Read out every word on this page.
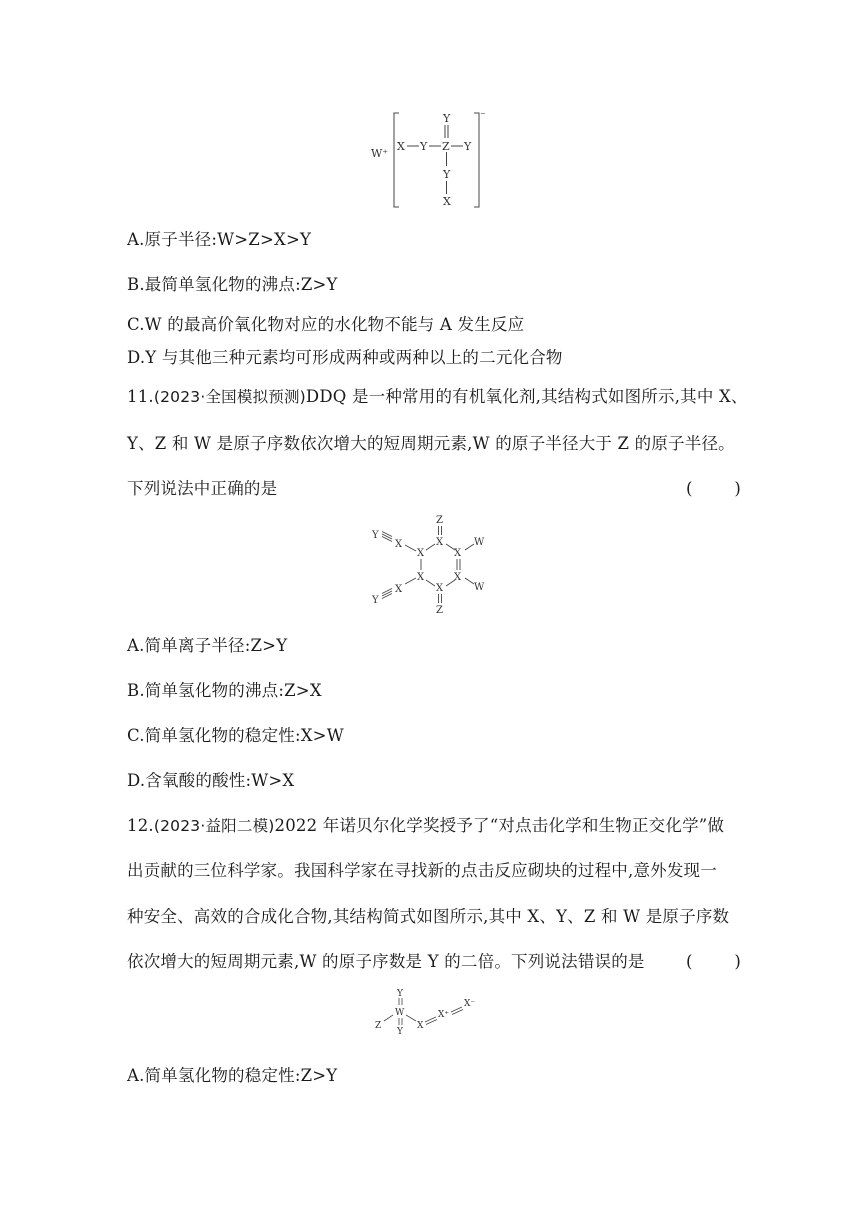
W⁺
⁻
X Y Z Y
Y
Y
X
A.原子半径:W>Z>X>Y
B.最简单氢化物的沸点:Z>Y
C.W 的最高价氧化物对应的水化物不能与 A 发生反应
D.Y 与其他三种元素均可形成两种或两种以上的二元化合物
11.(2023·全国模拟预测)DDQ 是一种常用的有机氧化剂,其结构式如图所示,其中 X、
Y、Z 和 W 是原子序数依次增大的短周期元素,W 的原子半径大于 Z 的原子半径。
下列说法中正确的是	(　　)
Z
X
X	X
X	X
X
Z
Y
X
Y
X
W
W
A.简单离子半径:Z>Y
B.简单氢化物的沸点:Z>X
C.简单氢化物的稳定性:X>W
D.含氧酸的酸性:W>X
12.(2023·益阳二模)2022 年诺贝尔化学奖授予了“对点击化学和生物正交化学”做
出贡献的三位科学家。我国科学家在寻找新的点击反应砌块的过程中,意外发现一
种安全、高效的合成化合物,其结构简式如图所示,其中 X、Y、Z 和 W 是原子序数
依次增大的短周期元素,W 的原子序数是 Y 的二倍。下列说法错误的是	(　　)
Y
W
Y
Z	X
X⁺
X⁻
A.简单氢化物的稳定性:Z>Y
